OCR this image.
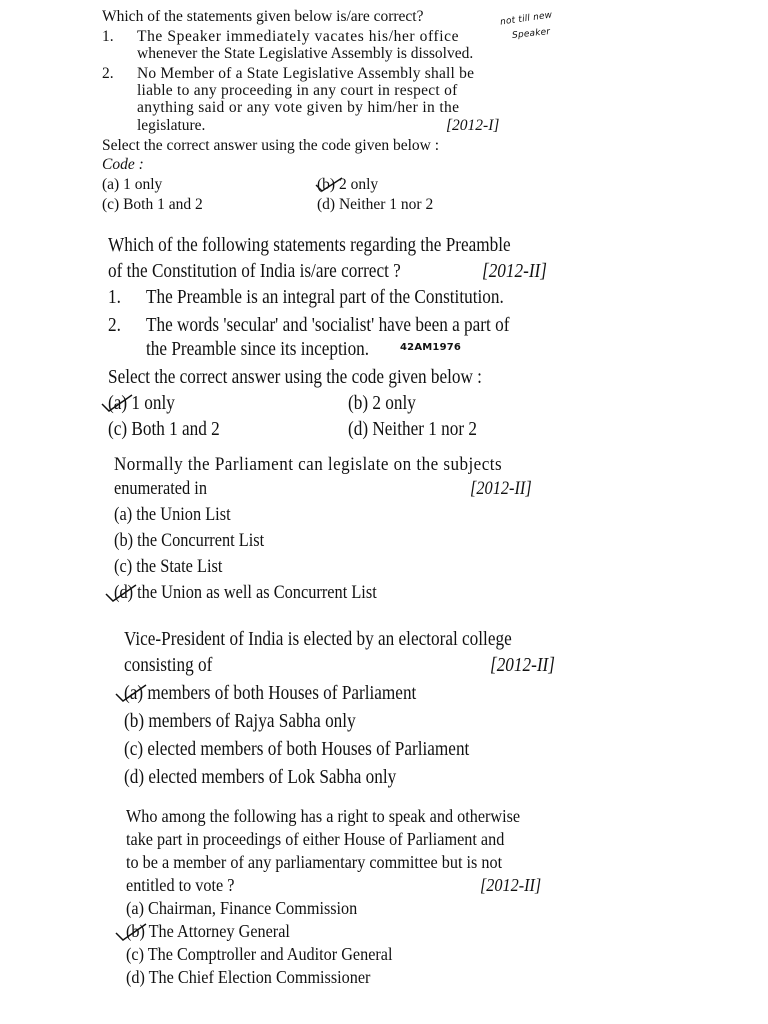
Which of the statements given below is/are correct?
1. The Speaker immediately vacates his/her office
whenever the State Legislative Assembly is dissolved.
2. No Member of a State Legislative Assembly shall be
liable to any proceeding in any court in respect of
anything said or any vote given by him/her in the
legislature.	[2012-I]
Select the correct answer using the code given below :
Code :
(a) 1 only	(b) 2 only
(c) Both 1 and 2	(d) Neither 1 nor 2
not till new
Speaker
Which of the following statements regarding the Preamble
of the Constitution of India is/are correct ?	[2012-II]
1. The Preamble is an integral part of the Constitution.
2. The words 'secular' and 'socialist' have been a part of
the Preamble since its inception.	42AM1976
Select the correct answer using the code given below :
(a) 1 only	(b) 2 only
(c) Both 1 and 2	(d) Neither 1 nor 2
Normally the Parliament can legislate on the subjects
enumerated in	[2012-II]
(a) the Union List
(b) the Concurrent List
(c) the State List
(d) the Union as well as Concurrent List
Vice-President of India is elected by an electoral college
consisting of	[2012-II]
(a) members of both Houses of Parliament
(b) members of Rajya Sabha only
(c) elected members of both Houses of Parliament
(d) elected members of Lok Sabha only
Who among the following has a right to speak and otherwise
take part in proceedings of either House of Parliament and
to be a member of any parliamentary committee but is not
entitled to vote ?	[2012-II]
(a) Chairman, Finance Commission
(b) The Attorney General
(c) The Comptroller and Auditor General
(d) The Chief Election Commissioner
